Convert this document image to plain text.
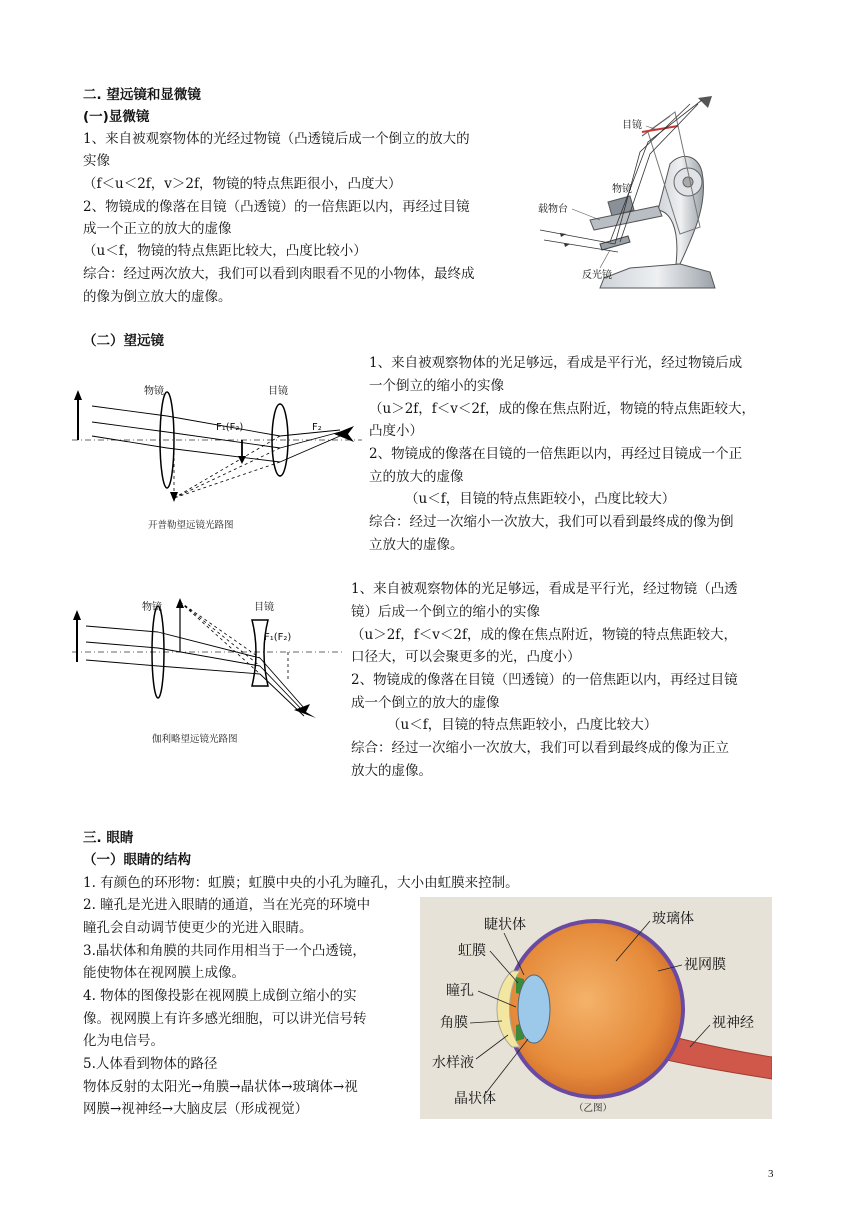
二. 望远镜和显微镜
(一)显微镜
1、来自被观察物体的光经过物镜（凸透镜后成一个倒立的放大的
实像
（f＜u＜2f，v＞2f，物镜的特点焦距很小，凸度大）
2、物镜成的像落在目镜（凸透镜）的一倍焦距以内，再经过目镜
成一个正立的放大的虚像
（u＜f，物镜的特点焦距比较大，凸度比较小）
综合：经过两次放大，我们可以看到肉眼看不见的小物体，最终成
的像为倒立放大的虚像。
目镜
物镜
载物台
反光镜
（二）望远镜
物镜	目镜
F₁(F₂)	F₂
开普勒望远镜光路图
1、来自被观察物体的光足够远，看成是平行光，经过物镜后成
一个倒立的缩小的实像
（u＞2f，f＜v＜2f，成的像在焦点附近，物镜的特点焦距较大，
凸度小）
2、物镜成的像落在目镜的一倍焦距以内，再经过目镜成一个正
立的放大的虚像
（u＜f，目镜的特点焦距较小，凸度比较大）
综合：经过一次缩小一次放大，我们可以看到最终成的像为倒
立放大的虚像。
物镜	目镜
F₁(F₂)
伽利略望远镜光路图
1、来自被观察物体的光足够远，看成是平行光，经过物镜（凸透
镜）后成一个倒立的缩小的实像
（u＞2f，f＜v＜2f，成的像在焦点附近，物镜的特点焦距较大，
口径大，可以会聚更多的光，凸度小）
2、物镜成的像落在目镜（凹透镜）的一倍焦距以内，再经过目镜
成一个倒立的放大的虚像
（u＜f，目镜的特点焦距较小，凸度比较大）
综合：经过一次缩小一次放大，我们可以看到最终成的像为正立
放大的虚像。
三. 眼睛
（一）眼睛的结构
1. 有颜色的环形物：虹膜；虹膜中央的小孔为瞳孔，大小由虹膜来控制。
2. 瞳孔是光进入眼睛的通道，当在光亮的环境中
瞳孔会自动调节使更少的光进入眼睛。
3.晶状体和角膜的共同作用相当于一个凸透镜，
能使物体在视网膜上成像。
4. 物体的图像投影在视网膜上成倒立缩小的实
像。视网膜上有许多感光细胞，可以讲光信号转
化为电信号。
5.人体看到物体的路径
物体反射的太阳光→角膜→晶状体→玻璃体→视
网膜→视神经→大脑皮层（形成视觉）
睫状体	玻璃体
虹膜
视网膜
瞳孔
角膜	视神经
水样液
晶状体
（乙图）
3
